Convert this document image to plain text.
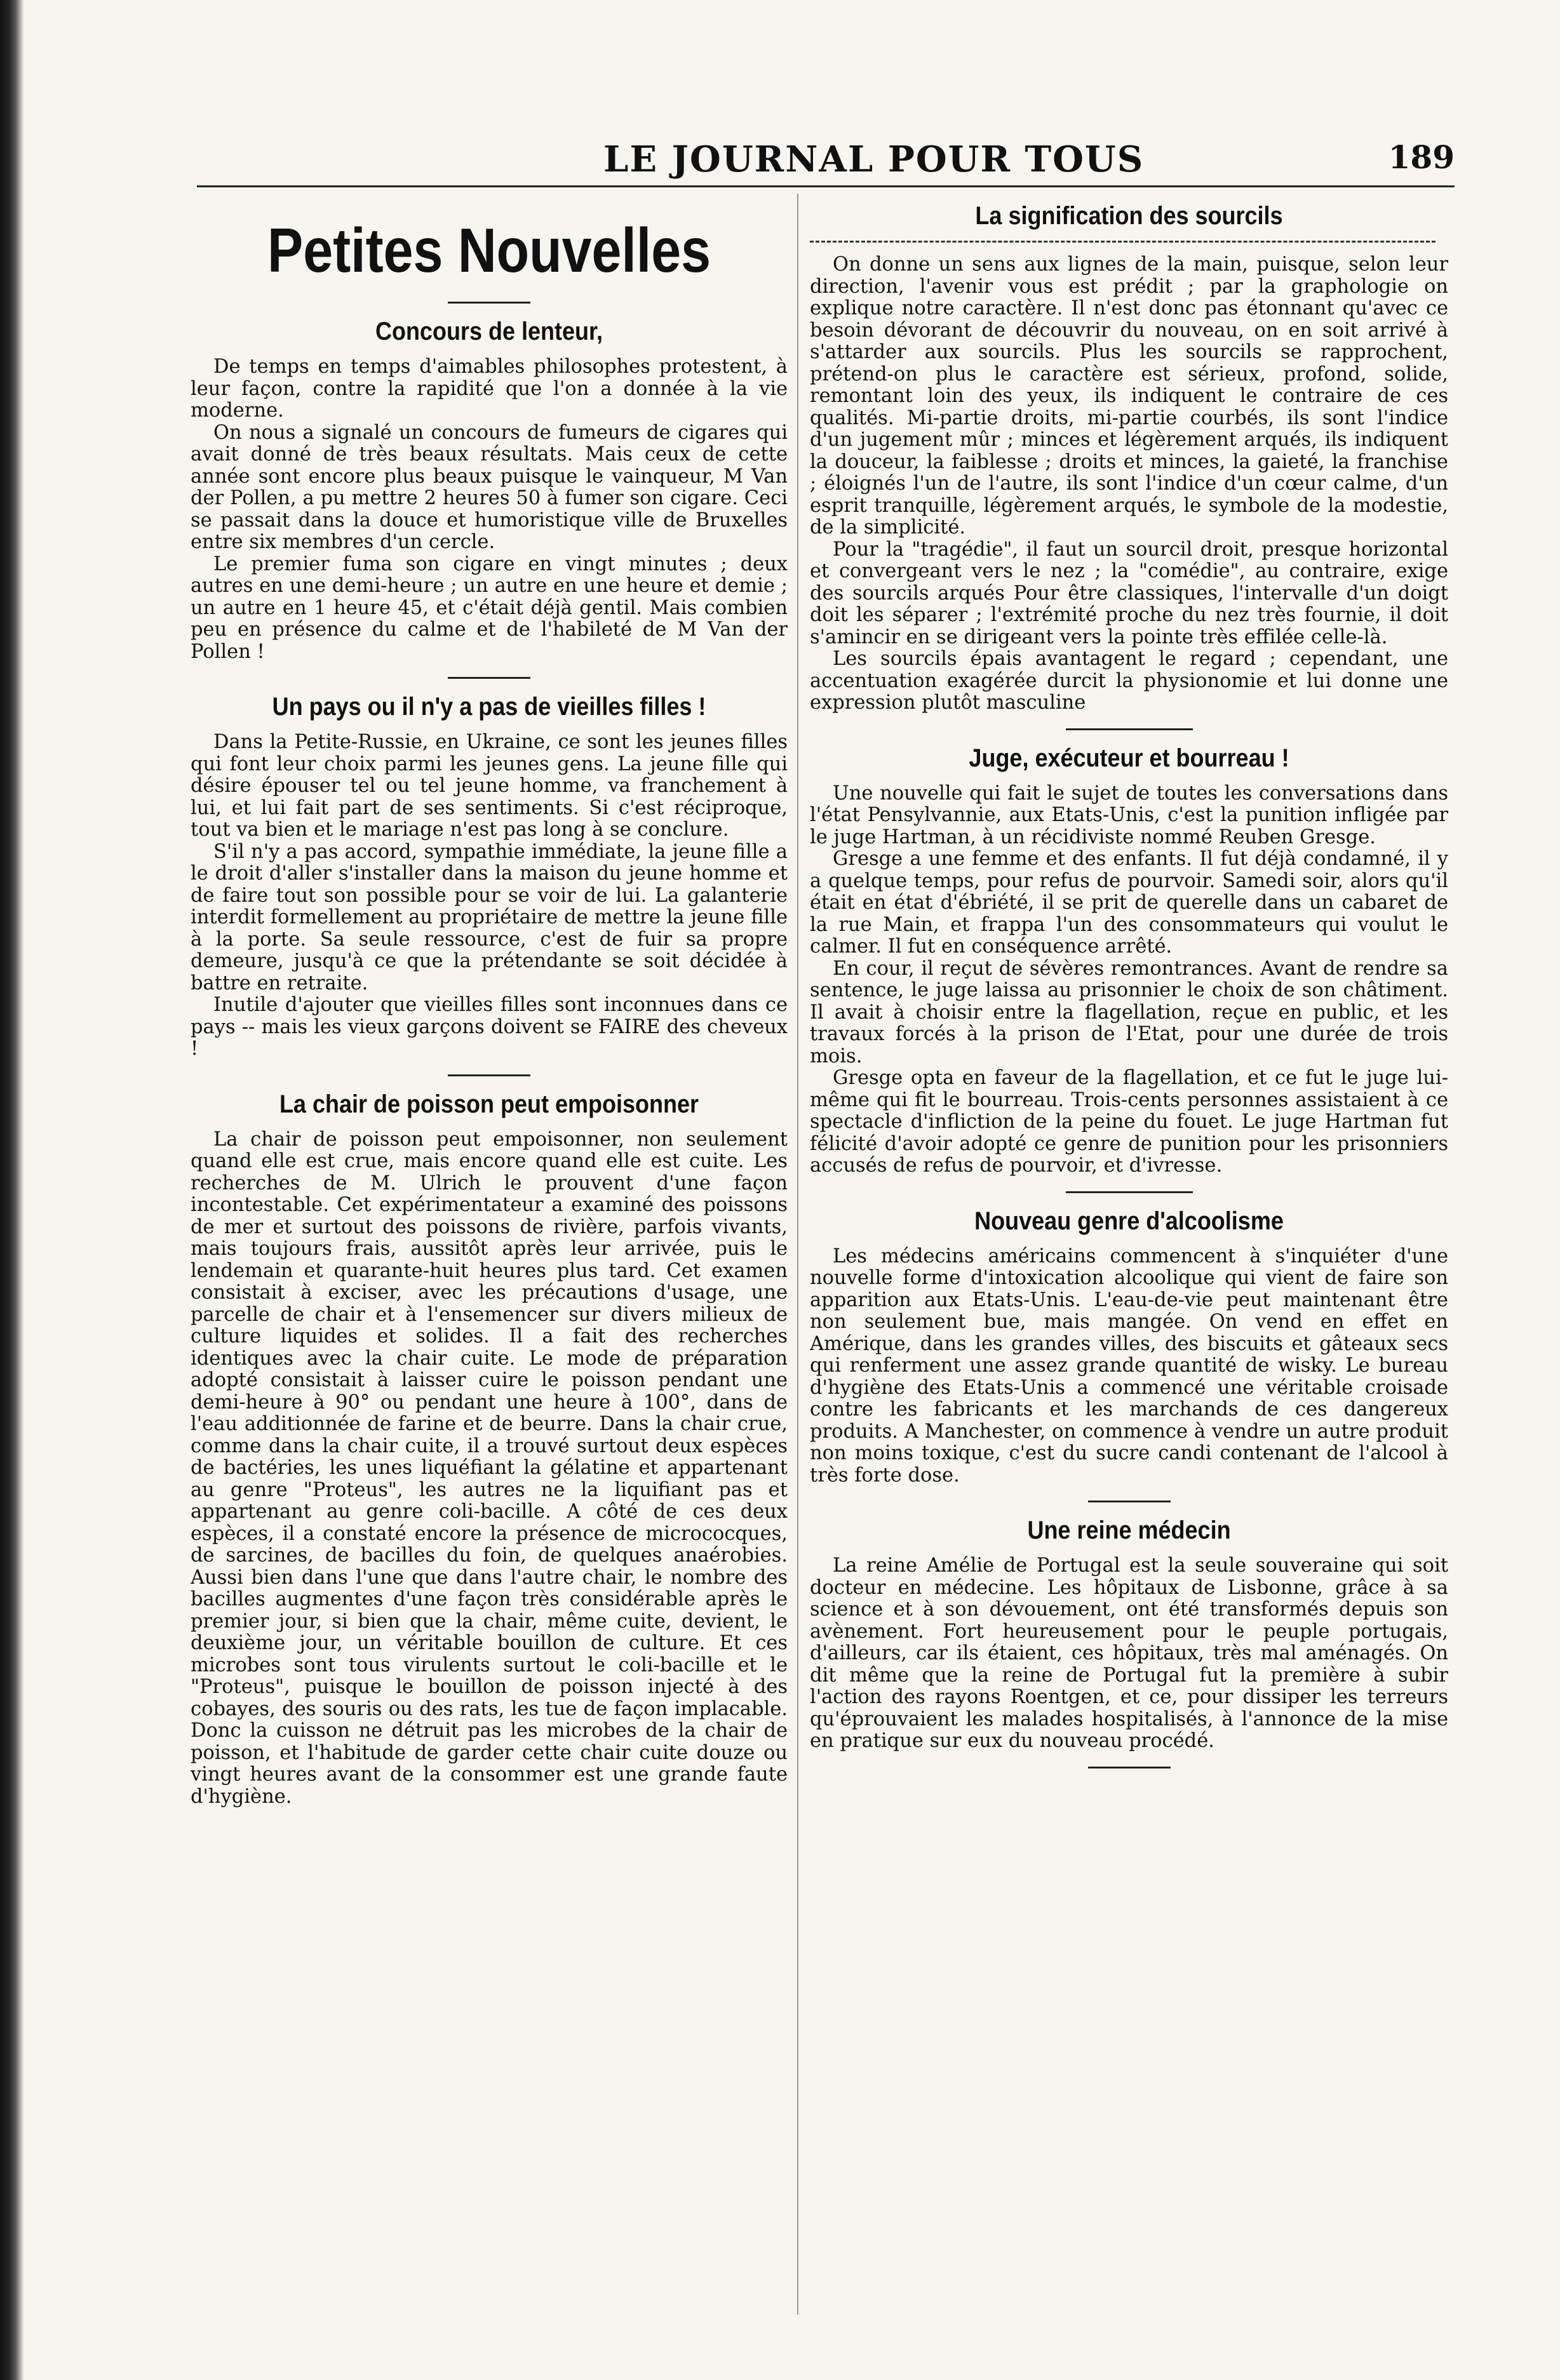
LE JOURNAL POUR TOUS	189
Petites Nouvelles
Concours de lenteur,

De temps en temps d'aimables philosophes protestent, à leur façon, contre la rapidité que l'on a donnée à la vie moderne.

On nous a signalé un concours de fumeurs de cigares qui avait donné de très beaux résultats. Mais ceux de cette année sont encore plus beaux puisque le vainqueur, M Van der Pollen, a pu mettre 2 heures 50 à fumer son cigare. Ceci se passait dans la douce et humoristique ville de Bruxelles entre six membres d'un cercle.

Le premier fuma son cigare en vingt minutes ; deux autres en une demi-heure ; un autre en une heure et demie ; un autre en 1 heure 45, et c'était déjà gentil. Mais combien peu en présence du calme et de l'habileté de M Van der Pollen !

Un pays ou il n'y a pas de vieilles filles !

Dans la Petite-Russie, en Ukraine, ce sont les jeunes filles qui font leur choix parmi les jeunes gens. La jeune fille qui désire épouser tel ou tel jeune homme, va franchement à lui, et lui fait part de ses sentiments. Si c'est réciproque, tout va bien et le mariage n'est pas long à se conclure.

S'il n'y a pas accord, sympathie immédiate, la jeune fille a le droit d'aller s'installer dans la maison du jeune homme et de faire tout son possible pour se voir de lui. La galanterie interdit formellement au propriétaire de mettre la jeune fille à la porte. Sa seule ressource, c'est de fuir sa propre demeure, jusqu'à ce que la prétendante se soit décidée à battre en retraite.

Inutile d'ajouter que vieilles filles sont inconnues dans ce pays -- mais les vieux garçons doivent se FAIRE des cheveux !

La chair de poisson peut empoisonner

La chair de poisson peut empoisonner, non seulement quand elle est crue, mais encore quand elle est cuite. Les recherches de M. Ulrich le prouvent d'une façon incontestable. Cet expérimentateur a examiné des poissons de mer et surtout des poissons de rivière, parfois vivants, mais toujours frais, aussitôt après leur arrivée, puis le lendemain et quarante-huit heures plus tard. Cet examen consistait à exciser, avec les précautions d'usage, une parcelle de chair et à l'ensemencer sur divers milieux de culture liquides et solides. Il a fait des recherches identiques avec la chair cuite. Le mode de préparation adopté consistait à laisser cuire le poisson pendant une demi-heure à 90° ou pendant une heure à 100°, dans de l'eau additionnée de farine et de beurre. Dans la chair crue, comme dans la chair cuite, il a trouvé surtout deux espèces de bactéries, les unes liquéfiant la gélatine et appartenant au genre "Proteus", les autres ne la liquifiant pas et appartenant au genre coli-bacille. A côté de ces deux espèces, il a constaté encore la présence de micrococques, de sarcines, de bacilles du foin, de quelques anaérobies. Aussi bien dans l'une que dans l'autre chair, le nombre des bacilles augmentes d'une façon très considérable après le premier jour, si bien que la chair, même cuite, devient, le deuxième jour, un véritable bouillon de culture. Et ces microbes sont tous virulents surtout le coli-bacille et le "Proteus", puisque le bouillon de poisson injecté à des cobayes, des souris ou des rats, les tue de façon implacable. Donc la cuisson ne détruit pas les microbes de la chair de poisson, et l'habitude de garder cette chair cuite douze ou vingt heures avant de la consommer est une grande faute d'hygiène.

La signification des sourcils

On donne un sens aux lignes de la main, puisque, selon leur direction, l'avenir vous est prédit ; par la graphologie on explique notre caractère. Il n'est donc pas étonnant qu'avec ce besoin dévorant de découvrir du nouveau, on en soit arrivé à s'attarder aux sourcils. Plus les sourcils se rapprochent, prétend-on plus le caractère est sérieux, profond, solide, remontant loin des yeux, ils indiquent le contraire de ces qualités. Mi-partie droits, mi-partie courbés, ils sont l'indice d'un jugement mûr ; minces et légèrement arqués, ils indiquent la douceur, la faiblesse ; droits et minces, la gaieté, la franchise ; éloignés l'un de l'autre, ils sont l'indice d'un cœur calme, d'un esprit tranquille, légèrement arqués, le symbole de la modestie, de la simplicité.

Pour la "tragédie", il faut un sourcil droit, presque horizontal et convergeant vers le nez ; la "comédie", au contraire, exige des sourcils arqués Pour être classiques, l'intervalle d'un doigt doit les séparer ; l'extrémité proche du nez très fournie, il doit s'amincir en se dirigeant vers la pointe très effilée celle-là.

Les sourcils épais avantagent le regard ; cependant, une accentuation exagérée durcit la physionomie et lui donne une expression plutôt masculine

Juge, exécuteur et bourreau !

Une nouvelle qui fait le sujet de toutes les conversations dans l'état Pensylvannie, aux Etats-Unis, c'est la punition infligée par le juge Hartman, à un récidiviste nommé Reuben Gresge.

Gresge a une femme et des enfants. Il fut déjà condamné, il y a quelque temps, pour refus de pourvoir. Samedi soir, alors qu'il était en état d'ébriété, il se prit de querelle dans un cabaret de la rue Main, et frappa l'un des consommateurs qui voulut le calmer. Il fut en conséquence arrêté.

En cour, il reçut de sévères remontrances. Avant de rendre sa sentence, le juge laissa au prisonnier le choix de son châtiment. Il avait à choisir entre la flagellation, reçue en public, et les travaux forcés à la prison de l'Etat, pour une durée de trois mois.

Gresge opta en faveur de la flagellation, et ce fut le juge lui-même qui fit le bourreau. Trois-cents personnes assistaient à ce spectacle d'infliction de la peine du fouet. Le juge Hartman fut félicité d'avoir adopté ce genre de punition pour les prisonniers accusés de refus de pourvoir, et d'ivresse.

Nouveau genre d'alcoolisme

Les médecins américains commencent à s'inquiéter d'une nouvelle forme d'intoxication alcoolique qui vient de faire son apparition aux Etats-Unis. L'eau-de-vie peut maintenant être non seulement bue, mais mangée. On vend en effet en Amérique, dans les grandes villes, des biscuits et gâteaux secs qui renferment une assez grande quantité de wisky. Le bureau d'hygiène des Etats-Unis a commencé une véritable croisade contre les fabricants et les marchands de ces dangereux produits. A Manchester, on commence à vendre un autre produit non moins toxique, c'est du sucre candi contenant de l'alcool à très forte dose.

Une reine médecin

La reine Amélie de Portugal est la seule souveraine qui soit docteur en médecine. Les hôpitaux de Lisbonne, grâce à sa science et à son dévouement, ont été transformés depuis son avènement. Fort heureusement pour le peuple portugais, d'ailleurs, car ils étaient, ces hôpitaux, très mal aménagés. On dit même que la reine de Portugal fut la première à subir l'action des rayons Roentgen, et ce, pour dissiper les terreurs qu'éprouvaient les malades hospitalisés, à l'annonce de la mise en pratique sur eux du nouveau procédé.
